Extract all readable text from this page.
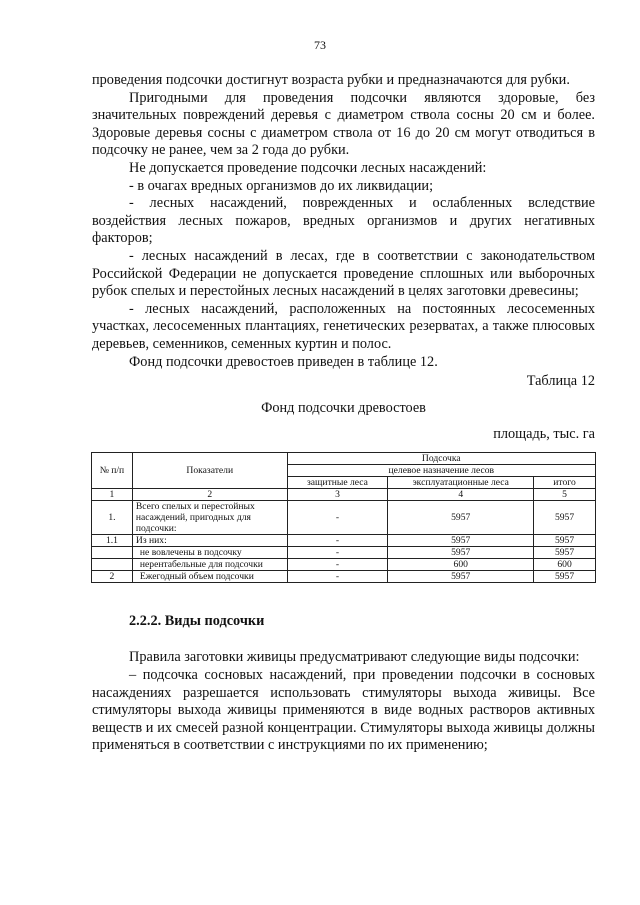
73

проведения подсочки достигнут возраста рубки и предназначаются для рубки.

Пригодными для проведения подсочки являются здоровые, без значительных повреждений деревья с диаметром ствола сосны 20 см и более. Здоровые деревья сосны с диаметром ствола от 16 до 20 см могут отводиться в подсочку не ранее, чем за 2 года до рубки.

Не допускается проведение подсочки лесных насаждений:

- в очагах вредных организмов до их ликвидации;

- лесных насаждений, поврежденных и ослабленных вследствие воздействия лесных пожаров, вредных организмов и других негативных факторов;

- лесных насаждений в лесах, где в соответствии с законодательством Российской Федерации не допускается проведение сплошных или выборочных рубок спелых и перестойных лесных насаждений в целях заготовки древесины;

- лесных насаждений, расположенных на постоянных лесосеменных участках, лесосеменных плантациях, генетических резерватах, а также плюсовых деревьев, семенников, семенных куртин и полос.

Фонд подсочки древостоев приведен в таблице 12.

Таблица 12
Фонд подсочки древостоев
площадь, тыс. га
№ п/п	Показатели	Подсочка		
		целевое назначение лесов		
		защитные леса	эксплуатационные леса	итого
1	2	3	4	5
1.	Всего спелых и перестойных насаждений, пригодных для подсочки:	-	5957	5957
1.1	Из них:	-	5957	5957
	не вовлечены в подсочку	-	5957	5957
	нерентабельные для подсочки	-	600	600
2	Ежегодный объем подсочки	-	5957	5957
2.2.2. Виды подсочки

Правила заготовки живицы предусматривают следующие виды подсочки:

– подсочка сосновых насаждений, при проведении подсочки в сосновых насаждениях разрешается использовать стимуляторы выхода живицы. Все стимуляторы выхода живицы применяются в виде водных растворов активных веществ и их смесей разной концентрации. Стимуляторы выхода живицы должны применяться в соответствии с инструкциями по их применению;
